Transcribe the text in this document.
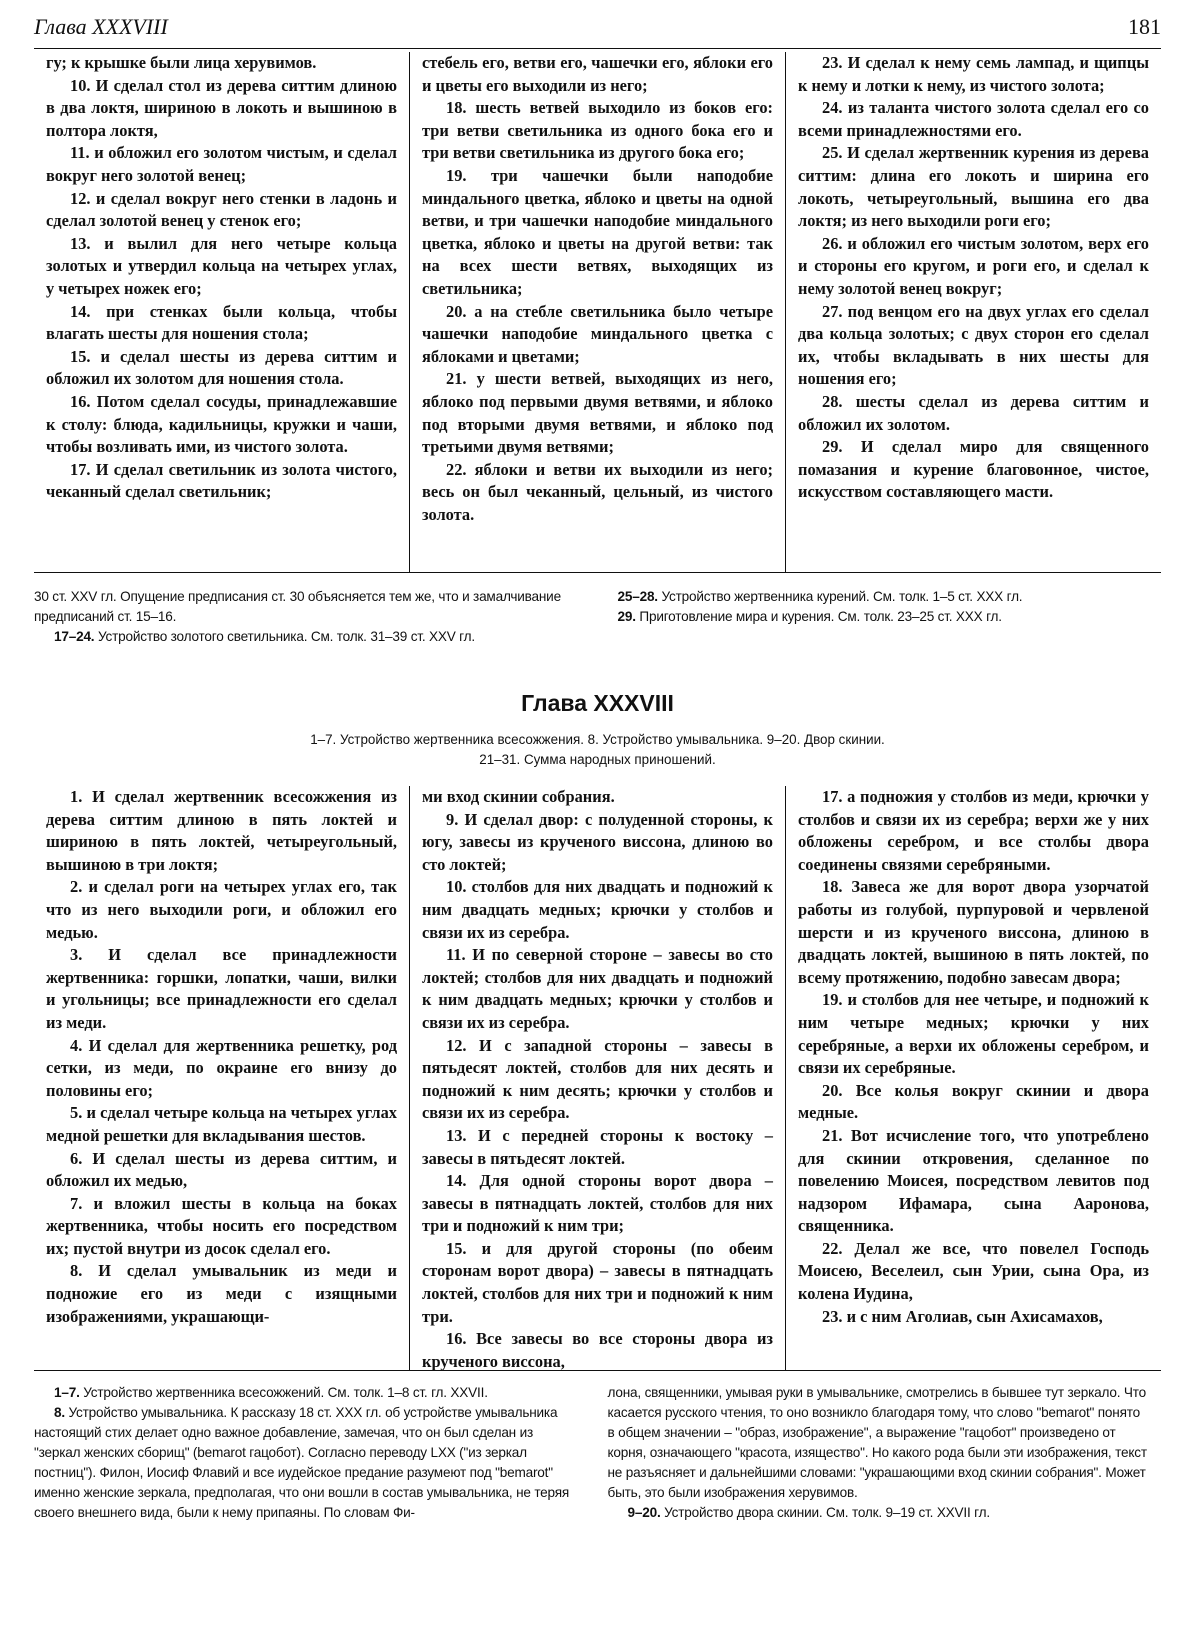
Глава XXXVIII	181

гу; к крышке были лица херувимов.

10. И сделал стол из дерева ситтим длиною в два локтя, шириною в локоть и вышиною в полтора локтя,

11. и обложил его золотом чистым, и сделал вокруг него золотой венец;

12. и сделал вокруг него стенки в ладонь и сделал золотой венец у стенок его;

13. и вылил для него четыре кольца золотых и утвердил кольца на четырех углах, у четырех ножек его;

14. при стенках были кольца, чтобы влагать шесты для ношения стола;

15. и сделал шесты из дерева ситтим и обложил их золотом для ношения стола.

16. Потом сделал сосуды, принадлежавшие к столу: блюда, кадильницы, кружки и чаши, чтобы возливать ими, из чистого золота.

17. И сделал светильник из золота чистого, чеканный сделал светильник;

стебель его, ветви его, чашечки его, яблоки его и цветы его выходили из него;

18. шесть ветвей выходило из боков его: три ветви светильника из одного бока его и три ветви светильника из другого бока его;

19. три чашечки были наподобие миндального цветка, яблоко и цветы на одной ветви, и три чашечки наподобие миндального цветка, яблоко и цветы на другой ветви: так на всех шести ветвях, выходящих из светильника;

20. а на стебле светильника было четыре чашечки наподобие миндального цветка с яблоками и цветами;

21. у шести ветвей, выходящих из него, яблоко под первыми двумя ветвями, и яблоко под вторыми двумя ветвями, и яблоко под третьими двумя ветвями;

22. яблоки и ветви их выходили из него; весь он был чеканный, цельный, из чистого золота.

23. И сделал к нему семь лампад, и щипцы к нему и лотки к нему, из чистого золота;

24. из таланта чистого золота сделал его со всеми принадлежностями его.

25. И сделал жертвенник курения из дерева ситтим: длина его локоть и ширина его локоть, четыреугольный, вышина его два локтя; из него выходили роги его;

26. и обложил его чистым золотом, верх его и стороны его кругом, и роги его, и сделал к нему золотой венец вокруг;

27. под венцом его на двух углах его сделал два кольца золотых; с двух сторон его сделал их, чтобы вкладывать в них шесты для ношения его;

28. шесты сделал из дерева ситтим и обложил их золотом.

29. И сделал миро для священного помазания и курение благовонное, чистое, искусством составляющего масти.

30 ст. XXV гл. Опущение предписания ст. 30 объясняется тем же, что и замалчивание предписаний ст. 15–16.

17–24. Устройство золотого светильника. См. толк. 31–39 ст. XXV гл.

25–28. Устройство жертвенника курений. См. толк. 1–5 ст. XXX гл.

29. Приготовление мира и курения. См. толк. 23–25 ст. XXX гл.

Глава XXXVIII
1–7. Устройство жертвенника всесожжения. 8. Устройство умывальника. 9–20. Двор скинии.
21–31. Сумма народных приношений.

1. И сделал жертвенник всесожжения из дерева ситтим длиною в пять локтей и шириною в пять локтей, четыреугольный, вышиною в три локтя;

2. и сделал роги на четырех углах его, так что из него выходили роги, и обложил его медью.

3. И сделал все принадлежности жертвенника: горшки, лопатки, чаши, вилки и угольницы; все принадлежности его сделал из меди.

4. И сделал для жертвенника решетку, род сетки, из меди, по окраине его внизу до половины его;

5. и сделал четыре кольца на четырех углах медной решетки для вкладывания шестов.

6. И сделал шесты из дерева ситтим, и обложил их медью,

7. и вложил шесты в кольца на боках жертвенника, чтобы носить его посредством их; пустой внутри из досок сделал его.

8. И сделал умывальник из меди и подножие его из меди с изящными изображениями, украшающи-

ми вход скинии собрания.

9. И сделал двор: с полуденной стороны, к югу, завесы из крученого виссона, длиною во сто локтей;

10. столбов для них двадцать и подножий к ним двадцать медных; крючки у столбов и связи их из серебра.

11. И по северной стороне – завесы во сто локтей; столбов для них двадцать и подножий к ним двадцать медных; крючки у столбов и связи их из серебра.

12. И с западной стороны – завесы в пятьдесят локтей, столбов для них десять и подножий к ним десять; крючки у столбов и связи их из серебра.

13. И с передней стороны к востоку – завесы в пятьдесят локтей.

14. Для одной стороны ворот двора – завесы в пятнадцать локтей, столбов для них три и подножий к ним три;

15. и для другой стороны (по обеим сторонам ворот двора) – завесы в пятнадцать локтей, столбов для них три и подножий к ним три.

16. Все завесы во все стороны двора из крученого виссона,

17. а подножия у столбов из меди, крючки у столбов и связи их из серебра; верхи же у них обложены серебром, и все столбы двора соединены связями серебряными.

18. Завеса же для ворот двора узорчатой работы из голубой, пурпуровой и червленой шерсти и из крученого виссона, длиною в двадцать локтей, вышиною в пять локтей, по всему протяжению, подобно завесам двора;

19. и столбов для нее четыре, и подножий к ним четыре медных; крючки у них серебряные, а верхи их обложены серебром, и связи их серебряные.

20. Все колья вокруг скинии и двора медные.

21. Вот исчисление того, что употреблено для скинии откровения, сделанное по повелению Моисея, посредством левитов под надзором Ифамара, сына Ааронова, священника.

22. Делал же все, что повелел Господь Моисею, Веселеил, сын Урии, сына Ора, из колена Иудина,

23. и с ним Аголиав, сын Ахисамахов,

1–7. Устройство жертвенника всесожжений. См. толк. 1–8 ст. гл. XXVII.

8. Устройство умывальника. К рассказу 18 ст. XXX гл. об устройстве умывальника настоящий стих делает одно важное добавление, замечая, что он был сделан из "зеркал женских сборищ" (bemarot гацобот). Согласно переводу LXX ("из зеркал постниц"). Филон, Иосиф Флавий и все иудейское предание разумеют под "bemarot" именно женские зеркала, предполагая, что они вошли в состав умывальника, не теряя своего внешнего вида, были к нему припаяны. По словам Фи-

лона, священники, умывая руки в умывальнике, смотрелись в бывшее тут зеркало. Что касается русского чтения, то оно возникло благодаря тому, что слово "bemarot" понято в общем значении – "образ, изображение", а выражение "гацобот" произведено от корня, означающего "красота, изящество". Но какого рода были эти изображения, текст не разъясняет и дальнейшими словами: "украшающими вход скинии собрания". Может быть, это были изображения херувимов.

9–20. Устройство двора скинии. См. толк. 9–19 ст. XXVII гл.
